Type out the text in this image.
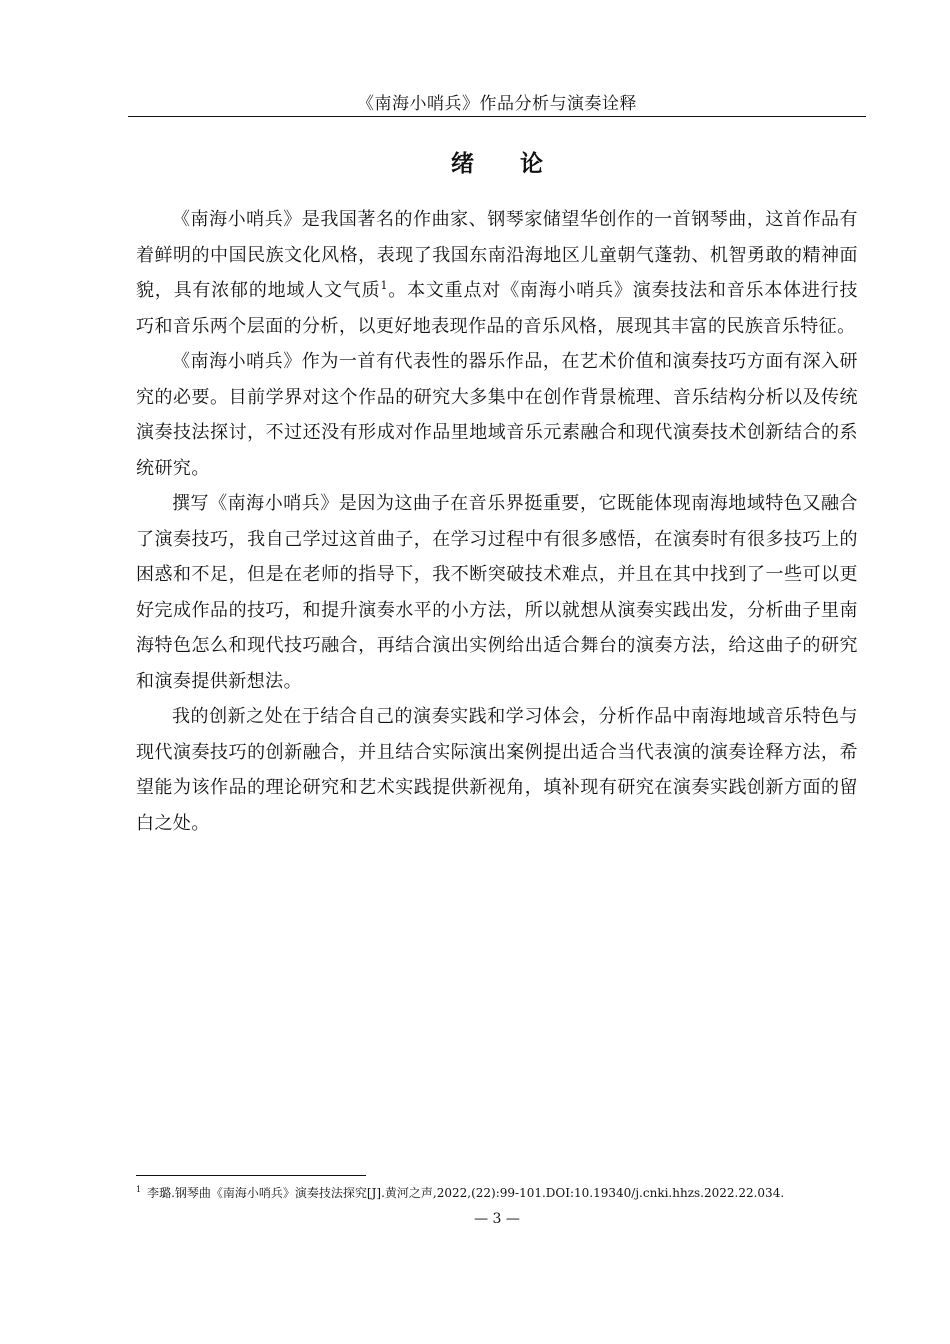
《南海小哨兵》作品分析与演奏诠释
绪 论

《南海小哨兵》是我国著名的作曲家、钢琴家储望华创作的一首钢琴曲，这首作品有着鲜明的中国民族文化风格，表现了我国东南沿海地区儿童朝气蓬勃、机智勇敢的精神面貌，具有浓郁的地域人文气质$^1$。本文重点对《南海小哨兵》演奏技法和音乐本体进行技巧和音乐两个层面的分析，以更好地表现作品的音乐风格，展现其丰富的民族音乐特征。

《南海小哨兵》作为一首有代表性的器乐作品，在艺术价值和演奏技巧方面有深入研究的必要。目前学界对这个作品的研究大多集中在创作背景梳理、音乐结构分析以及传统演奏技法探讨，不过还没有形成对作品里地域音乐元素融合和现代演奏技术创新结合的系统研究。

撰写《南海小哨兵》是因为这曲子在音乐界挺重要，它既能体现南海地域特色又融合了演奏技巧，我自己学过这首曲子，在学习过程中有很多感悟，在演奏时有很多技巧上的困惑和不足，但是在老师的指导下，我不断突破技术难点，并且在其中找到了一些可以更好完成作品的技巧，和提升演奏水平的小方法，所以就想从演奏实践出发，分析曲子里南海特色怎么和现代技巧融合，再结合演出实例给出适合舞台的演奏方法，给这曲子的研究和演奏提供新想法。

我的创新之处在于结合自己的演奏实践和学习体会，分析作品中南海地域音乐特色与现代演奏技巧的创新融合，并且结合实际演出案例提出适合当代表演的演奏诠释方法，希望能为该作品的理论研究和艺术实践提供新视角，填补现有研究在演奏实践创新方面的留白之处。

$^1$ 李璐.钢琴曲《南海小哨兵》演奏技法探究[J].黄河之声,2022,(22):99-101.DOI:10.19340/j.cnki.hhzs.2022.22.034.
— 3 —
